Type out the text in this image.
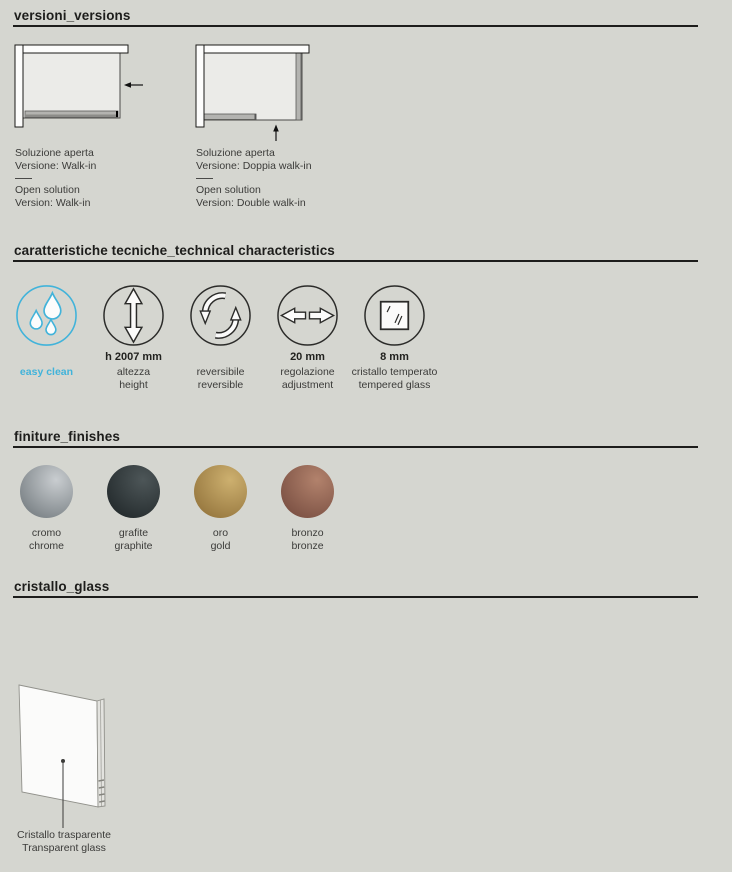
versioni_versions
Soluzione aperta
Versione: Walk-in
Open solution
Version: Walk-in
Soluzione aperta
Versione: Doppia walk-in
Open solution
Version: Double walk-in
caratteristiche tecniche_technical characteristics
easy clean
h 2007 mm
altezza
height
reversibile
reversible
20 mm
regolazione
adjustment
8 mm
cristallo temperato
tempered glass
finiture_finishes
cromo
chrome
grafite
graphite
oro
gold
bronzo
bronze
cristallo_glass
Cristallo trasparente
Transparent glass
